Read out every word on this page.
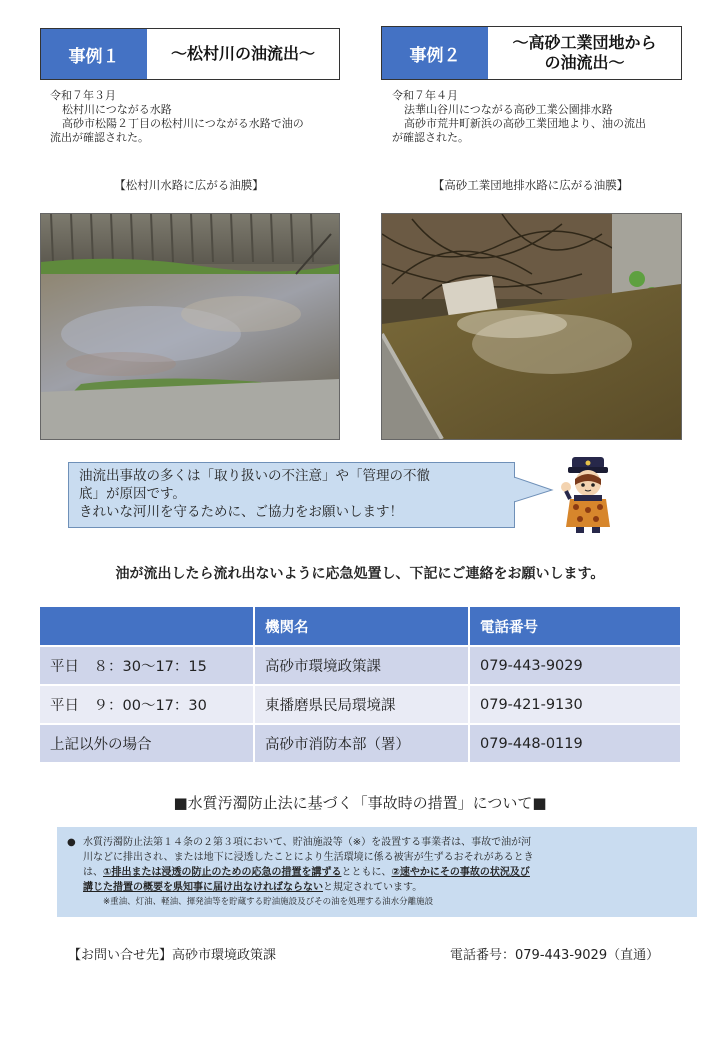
事例１	〜松村川の油流出〜	事例２
〜高砂工業団地から
の油流出〜
令和７年３月
松村川につながる水路
高砂市松陽２丁目の松村川につながる水路で油の
流出が確認された。
令和７年４月
法華山谷川につながる高砂工業公園排水路
高砂市荒井町新浜の高砂工業団地より、油の流出
が確認された。
【松村川水路に広がる油膜】	【高砂工業団地排水路に広がる油膜】
油流出事故の多くは「取り扱いの不注意」や「管理の不徹
底」が原因です。
きれいな河川を守るために、ご協力をお願いします！
油が流出したら流れ出ないように応急処置し、下記にご連絡をお願いします。
	機関名	電話番号
平日　８：30〜17：15	高砂市環境政策課	079-443-9029
平日　９：00〜17：30	東播磨県民局環境課	079-421-9130
上記以外の場合	高砂市消防本部（署）	079-448-0119
■水質汚濁防止法に基づく「事故時の措置」について■
● 水質汚濁防止法第１４条の２第３項において、貯油施設等（※）を設置する事業者は、事故で油が河
川などに排出され、または地下に浸透したことにより生活環境に係る被害が生ずるおそれがあるとき
は、①排出または浸透の防止のための応急の措置を講ずるとともに、②速やかにその事故の状況及び
講じた措置の概要を県知事に届け出なければならないと規定されています。
※重油、灯油、軽油、揮発油等を貯蔵する貯油施設及びその油を処理する油水分離施設
【お問い合せ先】高砂市環境政策課	電話番号：079-443-9029（直通）
